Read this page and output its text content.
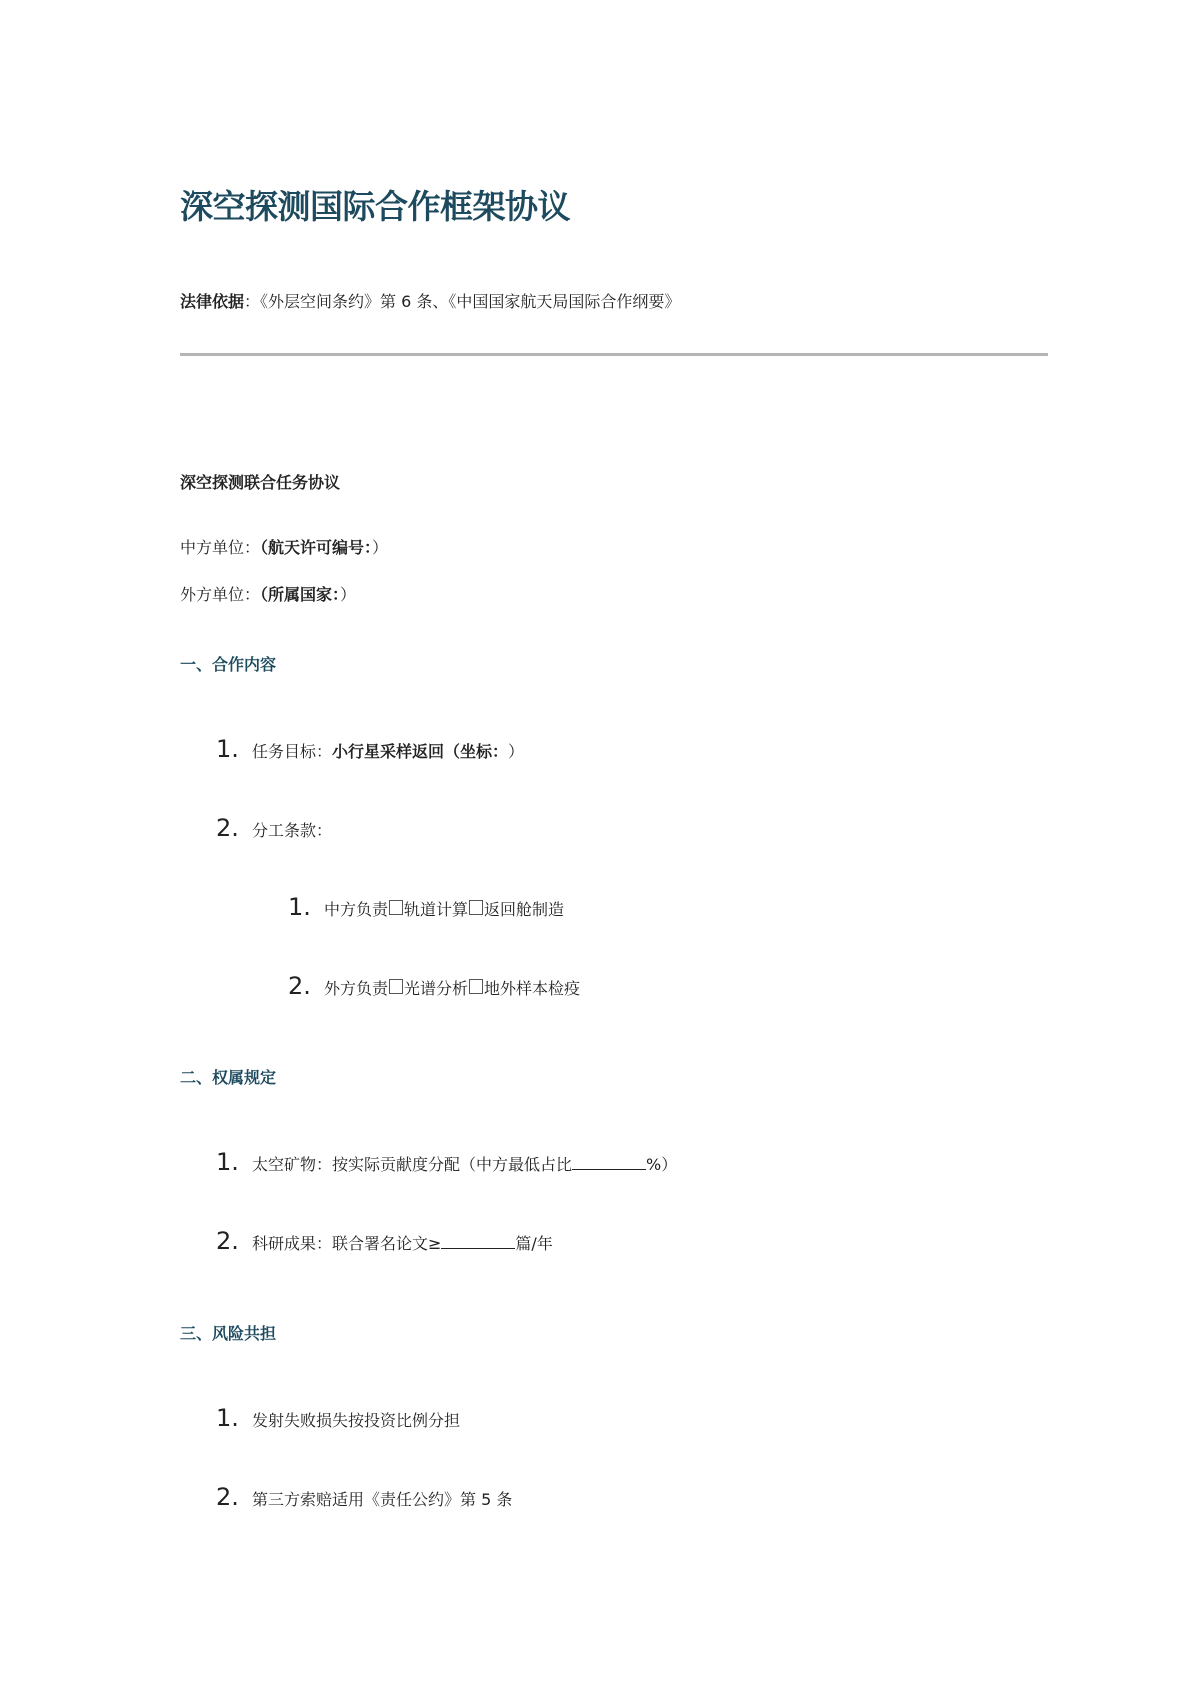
深空探测国际合作框架协议
法律依据：《外层空间条约》第 6 条、《中国国家航天局国际合作纲要》
深空探测联合任务协议
中方单位：（航天许可编号：）
外方单位：（所属国家：）
一、合作内容
1. 任务目标： 小行星采样返回（坐标： ）
2. 分工条款：
1. 中方负责 轨道计算 返回舱制造
2. 外方负责 光谱分析 地外样本检疫
二、权属规定
1. 太空矿物：按实际贡献度分配（中方最低占比	%）
2. 科研成果：联合署名论文≥	篇/年
三、风险共担
1. 发射失败损失按投资比例分担
2. 第三方索赔适用《责任公约》第 5 条
